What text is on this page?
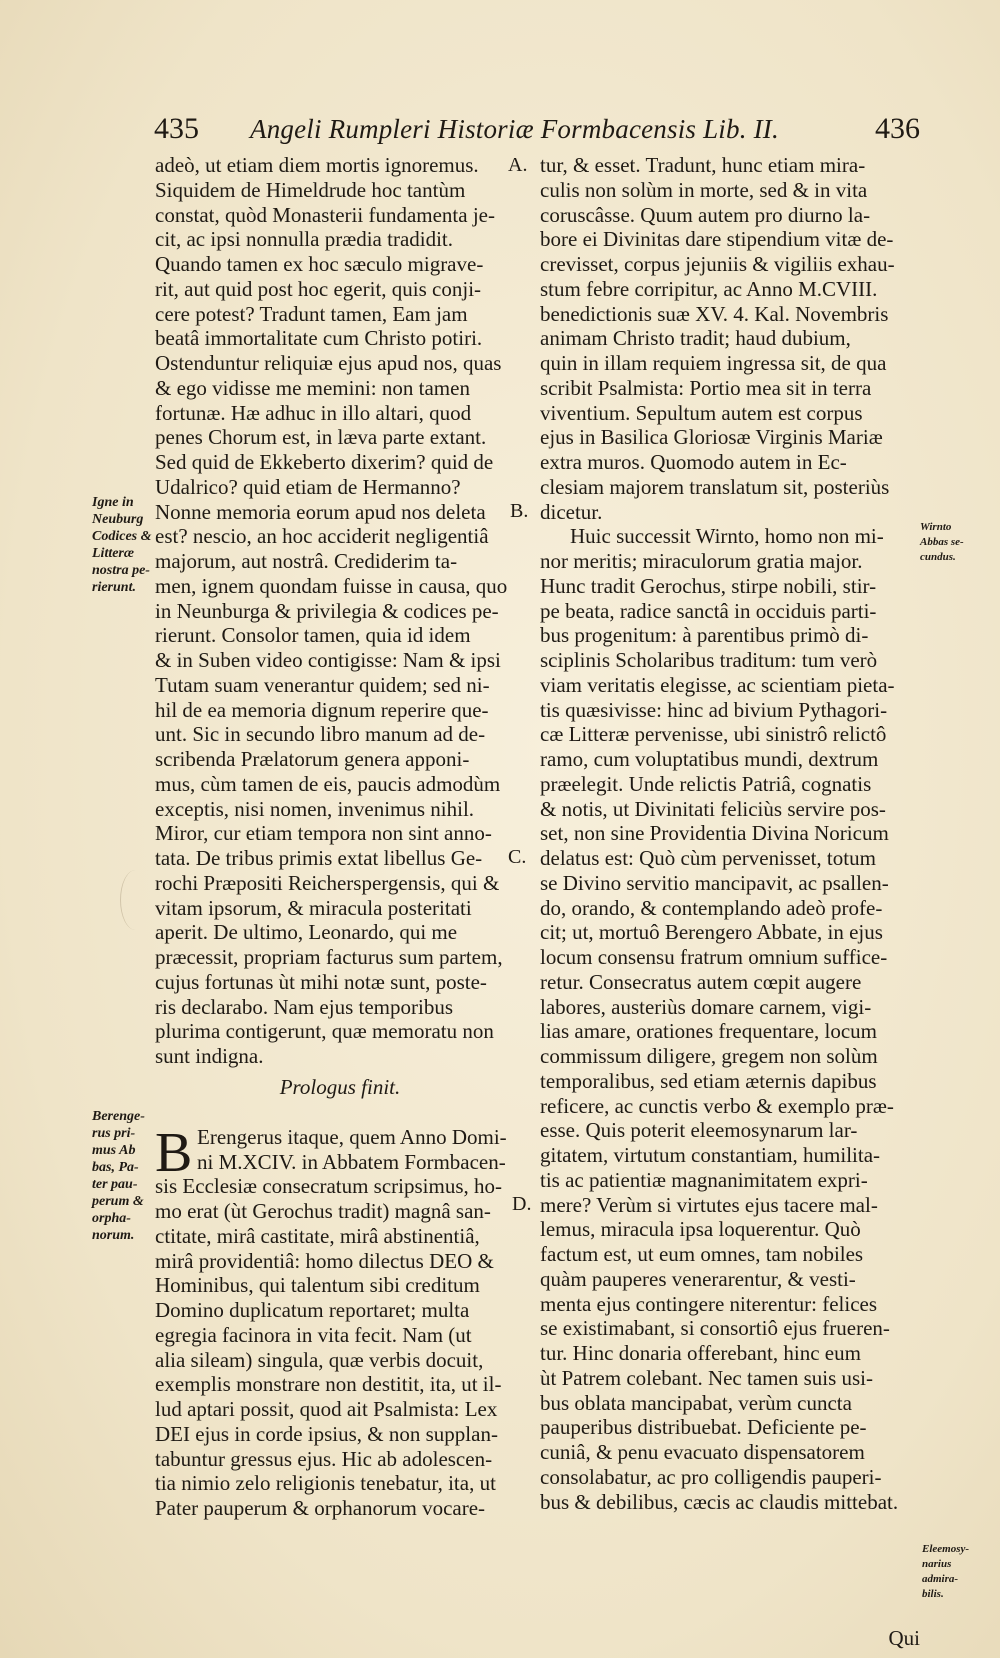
435 Angeli Rumpleri Historiæ Formbacensis Lib. II.	436
adeò, ut etiam diem mortis ignoremus.
Siquidem de Himeldrude hoc tantùm
constat, quòd Monasterii fundamenta je-
cit, ac ipsi nonnulla prædia tradidit.
Quando tamen ex hoc sæculo migrave-
rit, aut quid post hoc egerit, quis conji-
cere potest? Tradunt tamen, Eam jam
beatâ immortalitate cum Christo potiri.
Ostenduntur reliquiæ ejus apud nos, quas
& ego vidisse me memini: non tamen
fortunæ. Hæ adhuc in illo altari, quod
penes Chorum est, in læva parte extant.
Sed quid de Ekkeberto dixerim? quid de
Udalrico? quid etiam de Hermanno?
Nonne memoria eorum apud nos deleta
est? nescio, an hoc acciderit negligentiâ
majorum, aut nostrâ. Crediderim ta-
men, ignem quondam fuisse in causa, quo
in Neunburga & privilegia & codices pe-
rierunt. Consolor tamen, quia id idem
& in Suben video contigisse: Nam & ipsi
Tutam suam venerantur quidem; sed ni-
hil de ea memoria dignum reperire que-
unt. Sic in secundo libro manum ad de-
scribenda Prælatorum genera apponi-
mus, cùm tamen de eis, paucis admodùm
exceptis, nisi nomen, invenimus nihil.
Miror, cur etiam tempora non sint anno-
tata. De tribus primis extat libellus Ge-
rochi Præpositi Reicherspergensis, qui &
vitam ipsorum, & miracula posteritati
aperit. De ultimo, Leonardo, qui me
præcessit, propriam facturus sum partem,
cujus fortunas ùt mihi notæ sunt, poste-
ris declarabo. Nam ejus temporibus
plurima contigerunt, quæ memoratu non
sunt indigna.
Prologus finit.
B Erengerus itaque, quem Anno Domi-
ni M.XCIV. in Abbatem Formbacen-
sis Ecclesiæ consecratum scripsimus, ho-
mo erat (ùt Gerochus tradit) magnâ san-
ctitate, mirâ castitate, mirâ abstinentiâ,
mirâ providentiâ: homo dilectus DEO &
Hominibus, qui talentum sibi creditum
Domino duplicatum reportaret; multa
egregia facinora in vita fecit. Nam (ut
alia sileam) singula, quæ verbis docuit,
exemplis monstrare non destitit, ita, ut il-
lud aptari possit, quod ait Psalmista: Lex
DEI ejus in corde ipsius, & non supplan-
tabuntur gressus ejus. Hic ab adolescen-
tia nimio zelo religionis tenebatur, ita, ut
Pater pauperum & orphanorum vocare-
A.
B.
C.
D.
tur, & esset. Tradunt, hunc etiam mira-
culis non solùm in morte, sed & in vita
coruscâsse. Quum autem pro diurno la-
bore ei Divinitas dare stipendium vitæ de-
crevisset, corpus jejuniis & vigiliis exhau-
stum febre corripitur, ac Anno M.CVIII.
benedictionis suæ XV. 4. Kal. Novembris
animam Christo tradit; haud dubium,
quin in illam requiem ingressa sit, de qua
scribit Psalmista: Portio mea sit in terra
viventium. Sepultum autem est corpus
ejus in Basilica Gloriosæ Virginis Mariæ
extra muros. Quomodo autem in Ec-
clesiam majorem translatum sit, posteriùs
dicetur.
Huic successit Wirnto, homo non mi-
nor meritis; miraculorum gratia major.
Hunc tradit Gerochus, stirpe nobili, stir-
pe beata, radice sanctâ in occiduis parti-
bus progenitum: à parentibus primò di-
sciplinis Scholaribus traditum: tum verò
viam veritatis elegisse, ac scientiam pieta-
tis quæsivisse: hinc ad bivium Pythagori-
cæ Litteræ pervenisse, ubi sinistrô relictô
ramo, cum voluptatibus mundi, dextrum
præelegit. Unde relictis Patriâ, cognatis
& notis, ut Divinitati feliciùs servire pos-
set, non sine Providentia Divina Noricum
delatus est: Quò cùm pervenisset, totum
se Divino servitio mancipavit, ac psallen-
do, orando, & contemplando adeò profe-
cit; ut, mortuô Berengero Abbate, in ejus
locum consensu fratrum omnium suffice-
retur. Consecratus autem cœpit augere
labores, austeriùs domare carnem, vigi-
lias amare, orationes frequentare, locum
commissum diligere, gregem non solùm
temporalibus, sed etiam æternis dapibus
reficere, ac cunctis verbo & exemplo præ-
esse. Quis poterit eleemosynarum lar-
gitatem, virtutum constantiam, humilita-
tis ac patientiæ magnanimitatem expri-
mere? Verùm si virtutes ejus tacere mal-
lemus, miracula ipsa loquerentur. Quò
factum est, ut eum omnes, tam nobiles
quàm pauperes venerarentur, & vesti-
menta ejus contingere niterentur: felices
se existimabant, si consortiô ejus frueren-
tur. Hinc donaria offerebant, hinc eum
ùt Patrem colebant. Nec tamen suis usi-
bus oblata mancipabat, verùm cuncta
pauperibus distribuebat. Deficiente pe-
cuniâ, & penu evacuato dispensatorem
consolabatur, ac pro colligendis pauperi-
bus & debilibus, cæcis ac claudis mittebat.
Igne in Neuburg Codices & Litteræ nostra pe- rierunt.
Berenge- rus pri- mus Ab bas, Pa- ter pau- perum & orpha- norum.
Wirnto Abbas se- cundus.
Eleemosy- narius admira- bilis.
Qui
